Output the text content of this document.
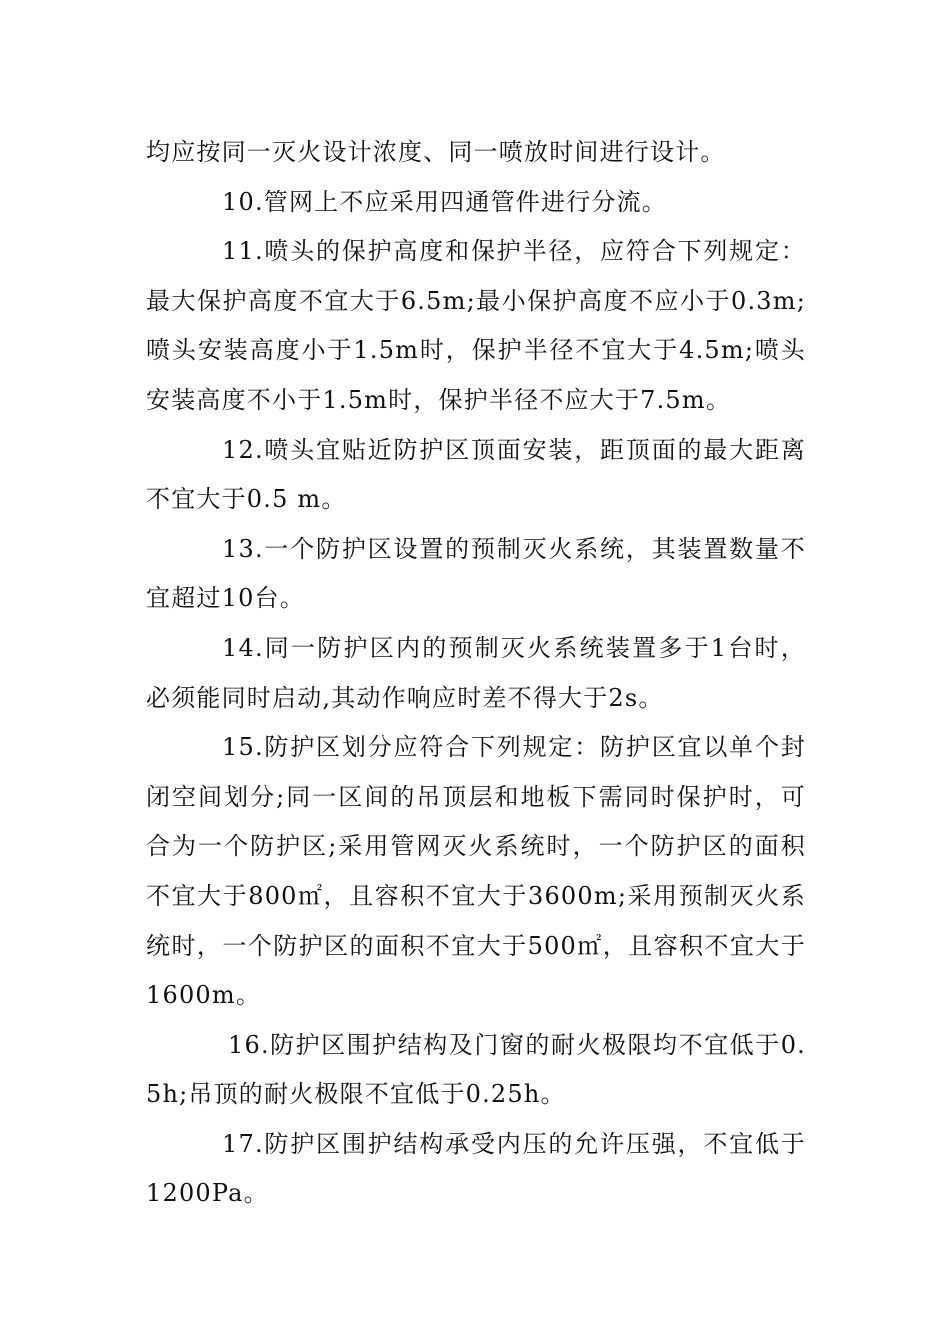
均应按同一灭火设计浓度、同一喷放时间进行设计。

10.管网上不应采用四通管件进行分流。

11.喷头的保护高度和保护半径，应符合下列规定：最大保护高度不宜大于6.5m;最小保护高度不应小于0.3m;喷头安装高度小于1.5m时，保护半径不宜大于4.5m;喷头安装高度不小于1.5m时，保护半径不应大于7.5m。

12.喷头宜贴近防护区顶面安装，距顶面的最大距离不宜大于0.5 m。

13.一个防护区设置的预制灭火系统，其装置数量不宜超过10台。

14.同一防护区内的预制灭火系统装置多于1台时，必须能同时启动,其动作响应时差不得大于2s。

15.防护区划分应符合下列规定：防护区宜以单个封闭空间划分;同一区间的吊顶层和地板下需同时保护时，可合为一个防护区;采用管网灭火系统时，一个防护区的面积不宜大于800㎡，且容积不宜大于3600m;采用预制灭火系统时，一个防护区的面积不宜大于500㎡，且容积不宜大于1600m。

16.防护区围护结构及门窗的耐火极限均不宜低于0.5h;吊顶的耐火极限不宜低于0.25h。

17.防护区围护结构承受内压的允许压强，不宜低于1200Pa。
